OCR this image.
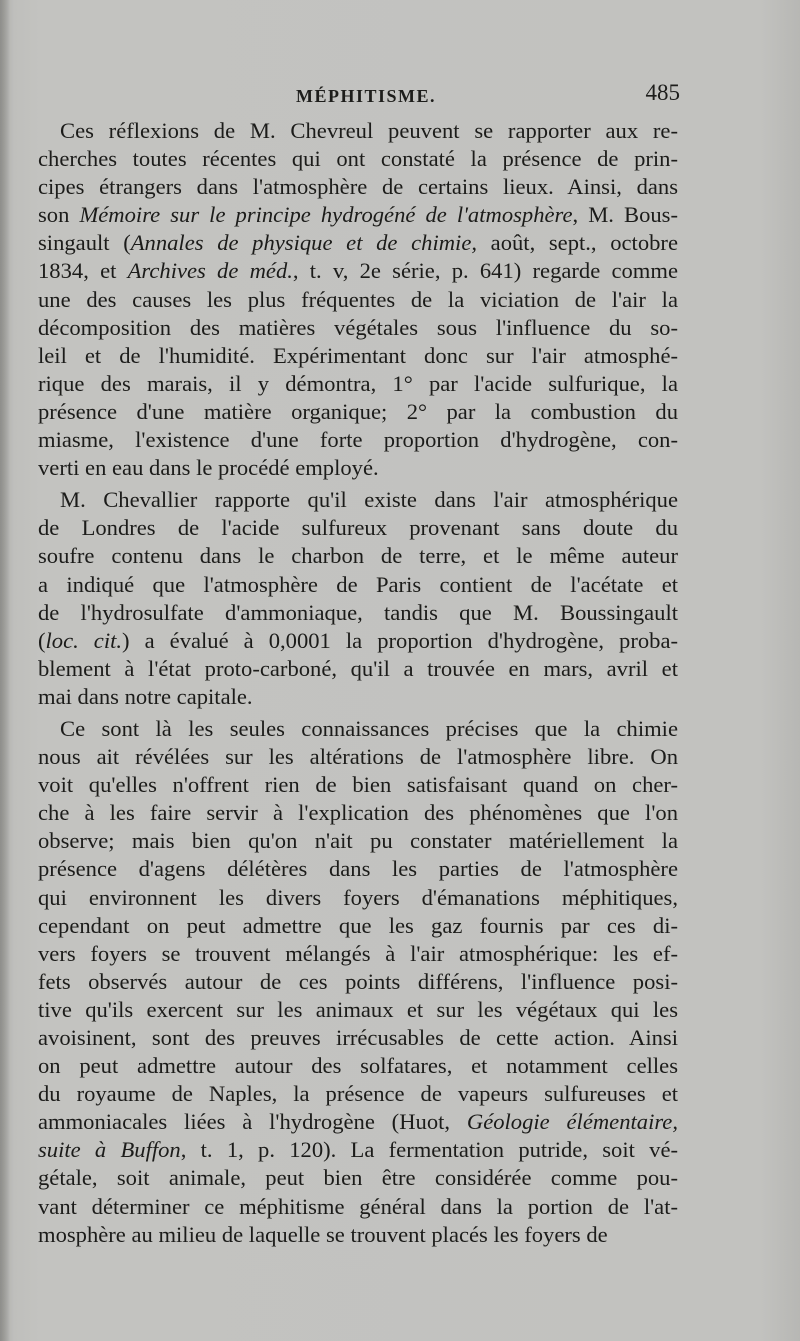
MÉPHITISME.	485
Ces réflexions de M. Chevreul peuvent se rapporter aux re-
cherches toutes récentes qui ont constaté la présence de prin-
cipes étrangers dans l'atmosphère de certains lieux. Ainsi, dans
son Mémoire sur le principe hydrogéné de l'atmosphère, M. Bous-
singault (Annales de physique et de chimie, août, sept., octobre
1834, et Archives de méd., t. v, 2e série, p. 641) regarde comme
une des causes les plus fréquentes de la viciation de l'air la
décomposition des matières végétales sous l'influence du so-
leil et de l'humidité. Expérimentant donc sur l'air atmosphé-
rique des marais, il y démontra, 1° par l'acide sulfurique, la
présence d'une matière organique; 2° par la combustion du
miasme, l'existence d'une forte proportion d'hydrogène, con-
verti en eau dans le procédé employé.
M. Chevallier rapporte qu'il existe dans l'air atmosphérique
de Londres de l'acide sulfureux provenant sans doute du
soufre contenu dans le charbon de terre, et le même auteur
a indiqué que l'atmosphère de Paris contient de l'acétate et
de l'hydrosulfate d'ammoniaque, tandis que M. Boussingault
(loc. cit.) a évalué à 0,0001 la proportion d'hydrogène, proba-
blement à l'état proto-carboné, qu'il a trouvée en mars, avril et
mai dans notre capitale.
Ce sont là les seules connaissances précises que la chimie
nous ait révélées sur les altérations de l'atmosphère libre. On
voit qu'elles n'offrent rien de bien satisfaisant quand on cher-
che à les faire servir à l'explication des phénomènes que l'on
observe; mais bien qu'on n'ait pu constater matériellement la
présence d'agens délétères dans les parties de l'atmosphère
qui environnent les divers foyers d'émanations méphitiques,
cependant on peut admettre que les gaz fournis par ces di-
vers foyers se trouvent mélangés à l'air atmosphérique: les ef-
fets observés autour de ces points différens, l'influence posi-
tive qu'ils exercent sur les animaux et sur les végétaux qui les
avoisinent, sont des preuves irrécusables de cette action. Ainsi
on peut admettre autour des solfatares, et notamment celles
du royaume de Naples, la présence de vapeurs sulfureuses et
ammoniacales liées à l'hydrogène (Huot, Géologie élémentaire,
suite à Buffon, t. 1, p. 120). La fermentation putride, soit vé-
gétale, soit animale, peut bien être considérée comme pou-
vant déterminer ce méphitisme général dans la portion de l'at-
mosphère au milieu de laquelle se trouvent placés les foyers de
